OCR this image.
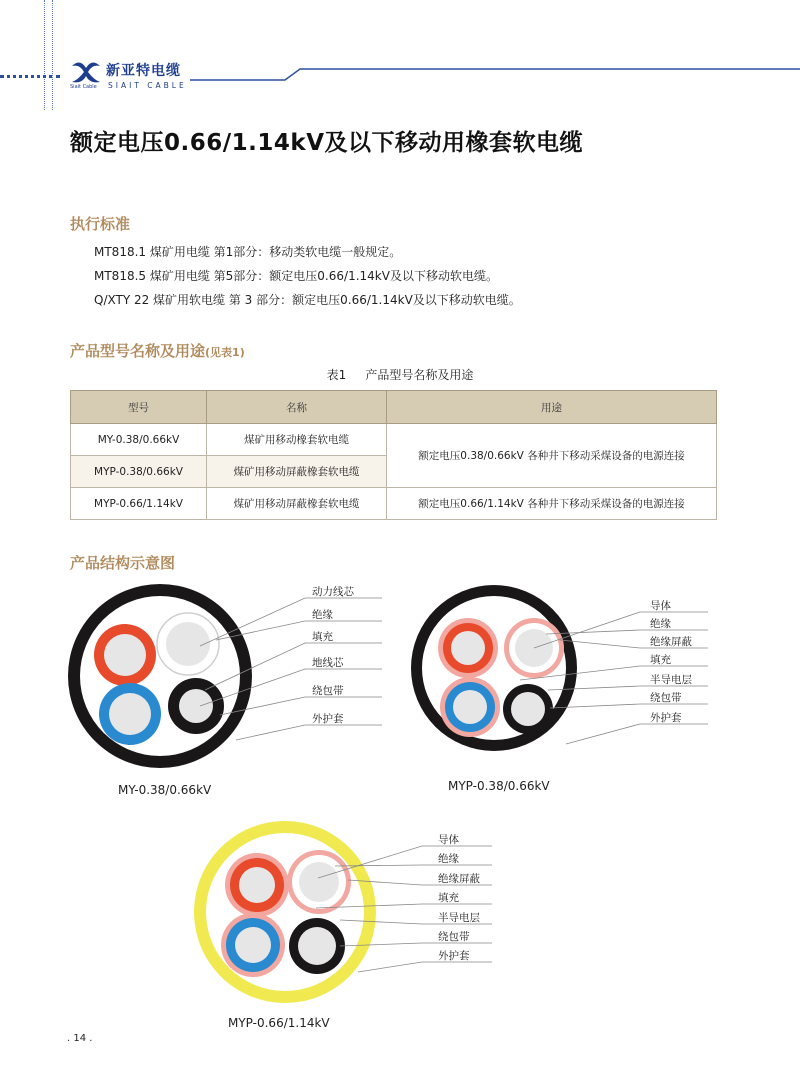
新亚特电缆
SIAIT CABLE
Siait Cable
额定电压0.66/1.14kV及以下移动用橡套软电缆
执行标准
MT818.1 煤矿用电缆 第1部分：移动类软电缆一般规定。
MT818.5 煤矿用电缆 第5部分：额定电压0.66/1.14kV及以下移动软电缆。
Q/XTY 22 煤矿用软电缆 第 3 部分：额定电压0.66/1.14kV及以下移动软电缆。
产品型号名称及用途(见表1)
表1     产品型号名称及用途
型号	名称	用途
MY-0.38/0.66kV	煤矿用移动橡套软电缆	额定电压0.38/0.66kV 各种井下移动采煤设备的电源连接
MYP-0.38/0.66kV	煤矿用移动屏蔽橡套软电缆	
MYP-0.66/1.14kV	煤矿用移动屏蔽橡套软电缆	额定电压0.66/1.14kV 各种井下移动采煤设备的电源连接
产品结构示意图
动力线芯
绝缘
填充
地线芯
绕包带
外护套
MY-0.38/0.66kV
导体
绝缘
绝缘屏蔽
填充
半导电层
绕包带
外护套
MYP-0.38/0.66kV
导体
绝缘
绝缘屏蔽
填充
半导电层
绕包带
外护套
MYP-0.66/1.14kV
. 14 .
